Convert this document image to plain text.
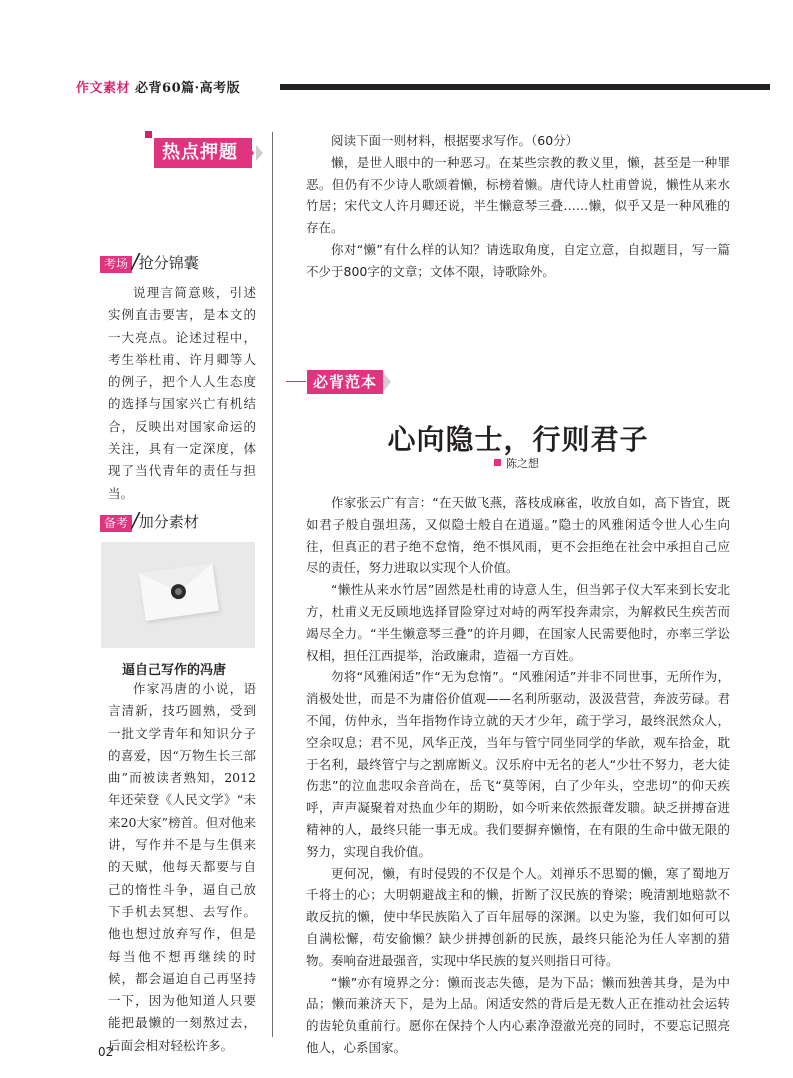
作文素材 必背60篇·高考版
热点押题
考场 / 抢分锦囊

说理言简意赅，引述实例直击要害，是本文的一大亮点。论述过程中，考生举杜甫、许月卿等人的例子，把个人人生态度的选择与国家兴亡有机结合，反映出对国家命运的关注，具有一定深度，体现了当代青年的责任与担当。

备考 / 加分素材
逼自己写作的冯唐

作家冯唐的小说，语言清新，技巧圆熟，受到一批文学青年和知识分子的喜爱，因“万物生长三部曲”而被读者熟知，2012年还荣登《人民文学》“未来20大家”榜首。但对他来讲，写作并不是与生俱来的天赋，他每天都要与自己的惰性斗争，逼自己放下手机去冥想、去写作。他也想过放弃写作，但是每当他不想再继续的时候，都会逼迫自己再坚持一下，因为他知道人只要能把最懒的一刻熬过去，后面会相对轻松许多。

阅读下面一则材料，根据要求写作。（60分）

懒，是世人眼中的一种恶习。在某些宗教的教义里，懒，甚至是一种罪恶。但仍有不少诗人歌颂着懒，标榜着懒。唐代诗人杜甫曾说，懒性从来水竹居；宋代文人许月卿还说，半生懒意琴三叠……懒，似乎又是一种风雅的存在。

你对“懒”有什么样的认知？请选取角度，自定立意，自拟题目，写一篇不少于800字的文章；文体不限，诗歌除外。

必背范本
心向隐士，行则君子
陈之想

作家张云广有言：“在天做飞燕，落枝成麻雀，收放自如，高下皆宜，既如君子般自强坦荡，又似隐士般自在逍遥。”隐士的风雅闲适令世人心生向往，但真正的君子绝不怠惰，绝不惧风雨，更不会拒绝在社会中承担自己应尽的责任，努力进取以实现个人价值。

“懒性从来水竹居”固然是杜甫的诗意人生，但当郭子仪大军来到长安北方，杜甫义无反顾地选择冒险穿过对峙的两军投奔肃宗，为解救民生疾苦而竭尽全力。“半生懒意琴三叠”的许月卿，在国家人民需要他时，亦率三学讼权相，担任江西提举，治政廉肃，造福一方百姓。

勿将“风雅闲适”作“无为怠惰”。“风雅闲适”并非不同世事，无所作为，消极处世，而是不为庸俗价值观——名利所驱动，汲汲营营，奔波劳碌。君不闻，仿仲永，当年指物作诗立就的天才少年，疏于学习，最终泯然众人，空余叹息；君不见，风华正茂，当年与管宁同坐同学的华歆，观车拾金，耽于名利，最终管宁与之割席断义。汉乐府中无名的老人“少壮不努力，老大徒伤悲”的泣血悲叹余音尚在，岳飞“莫等闲，白了少年头，空悲切”的仰天疾呼，声声凝聚着对热血少年的期盼，如今听来依然振聋发聩。缺乏拼搏奋进精神的人，最终只能一事无成。我们要摒弃懒惰，在有限的生命中做无限的努力，实现自我价值。

更何况，懒，有时侵毁的不仅是个人。刘禅乐不思蜀的懒，寒了蜀地万千将士的心；大明朝避战主和的懒，折断了汉民族的脊梁；晚清割地赔款不敢反抗的懒，使中华民族陷入了百年屈辱的深渊。以史为鉴，我们如何可以自满松懈，苟安偷懒？缺少拼搏创新的民族，最终只能沦为任人宰割的猎物。奏响奋进最强音，实现中华民族的复兴则指日可待。

“懒”亦有境界之分：懒而丧志失德，是为下品；懒而独善其身，是为中品；懒而兼济天下，是为上品。闲适安然的背后是无数人正在推动社会运转的齿轮负重前行。愿你在保持个人内心素净澄澈光亮的同时，不要忘记照亮他人，心系国家。

02
